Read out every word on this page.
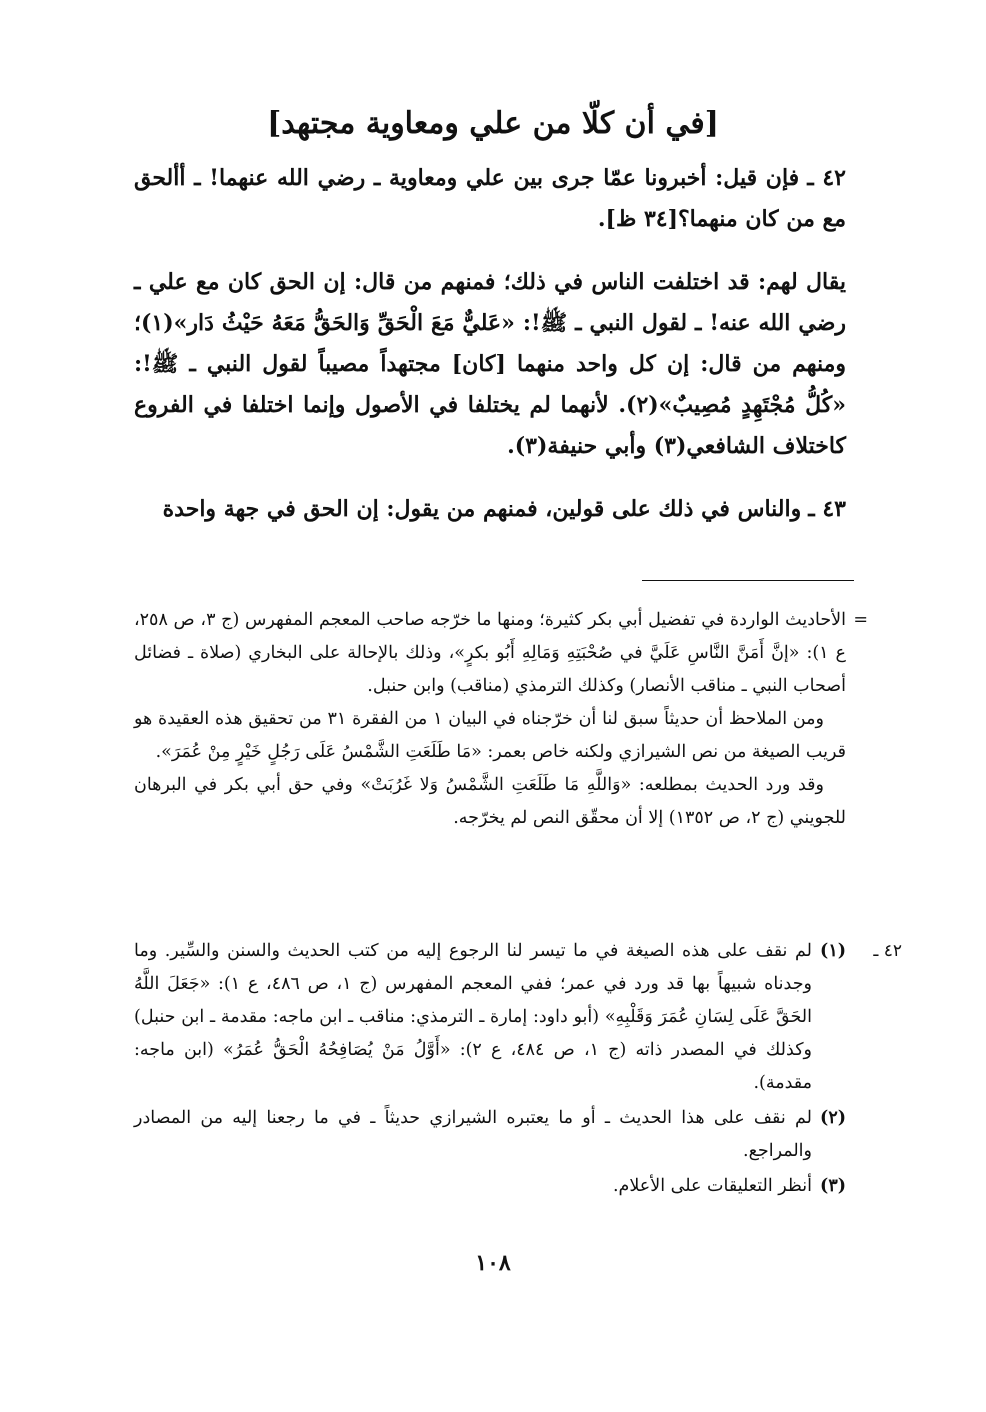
[في أن كلّا من علي ومعاوية مجتهد]

٤٢ ـ فإن قيل: أخبرونا عمّا جرى بين علي ومعاوية ـ رضي الله عنهما! ـ أألحق مع من كان منهما؟[٣٤ ظ].

يقال لهم: قد اختلفت الناس في ذلك؛ فمنهم من قال: إن الحق كان مع علي ـ رضي الله عنه! ـ لقول النبي ـ ﷺ!: «عَليٌّ مَعَ الْحَقِّ وَالحَقُّ مَعَهُ حَيْثُ دَار»(١)؛ ومنهم من قال: إن كل واحد منهما [كان] مجتهداً مصيباً لقول النبي ـ ﷺ!: «كُلُّ مُجْتَهِدٍ مُصِيبٌ»(٢). لأنهما لم يختلفا في الأصول وإنما اختلفا في الفروع كاختلاف الشافعي(٣) وأبي حنيفة(٣).

٤٣ ـ والناس في ذلك على قولين، فمنهم من يقول: إن الحق في جهة واحدة

=

الأحاديث الواردة في تفضيل أبي بكر كثيرة؛ ومنها ما خرّجه صاحب المعجم المفهرس (ج ٣، ص ٢٥٨، ع ١): «إنَّ أَمَنَّ النَّاسِ عَلَيَّ في صُحْبَتِهِ وَمَالِهِ أَبُو بكرٍ»، وذلك بالإحالة على البخاري (صلاة ـ فضائل أصحاب النبي ـ مناقب الأنصار) وكذلك الترمذي (مناقب) وابن حنبل.

ومن الملاحظ أن حديثاً سبق لنا أن خرّجناه في البيان ١ من الفقرة ٣١ من تحقيق هذه العقيدة هو قريب الصيغة من نص الشيرازي ولكنه خاص بعمر: «مَا طَلَعَتِ الشَّمْسُ عَلَى رَجُلٍ خَيْرٍ مِنْ عُمَرَ».

وقد ورد الحديث بمطلعه: «وَاللَّهِ مَا طَلَعَتِ الشَّمْسُ وَلا غَرُبَتْ» وفي حق أبي بكر في البرهان للجويني (ج ٢، ص ١٣٥٢) إلا أن محقّق النص لم يخرّجه.

٤٢ ـ
(١)
لم نقف على هذه الصيغة في ما تيسر لنا الرجوع إليه من كتب الحديث والسنن والسِّير. وما وجدناه شبيهاً بها قد ورد في عمر؛ ففي المعجم المفهرس (ج ١، ص ٤٨٦، ع ١): «جَعَلَ اللَّهُ الحَقَّ عَلَى لِسَانِ عُمَرَ وَقَلْبِهِ» (أبو داود: إمارة ـ الترمذي: مناقب ـ ابن ماجه: مقدمة ـ ابن حنبل) وكذلك في المصدر ذاته (ج ١، ص ٤٨٤، ع ٢): «أَوَّلُ مَنْ يُصَافِحُهُ الْحَقُّ عُمَرُ» (ابن ماجه: مقدمة).
(٢)
لم نقف على هذا الحديث ـ أو ما يعتبره الشيرازي حديثاً ـ في ما رجعنا إليه من المصادر والمراجع.
(٣)
أنظر التعليقات على الأعلام.
١٠٨
